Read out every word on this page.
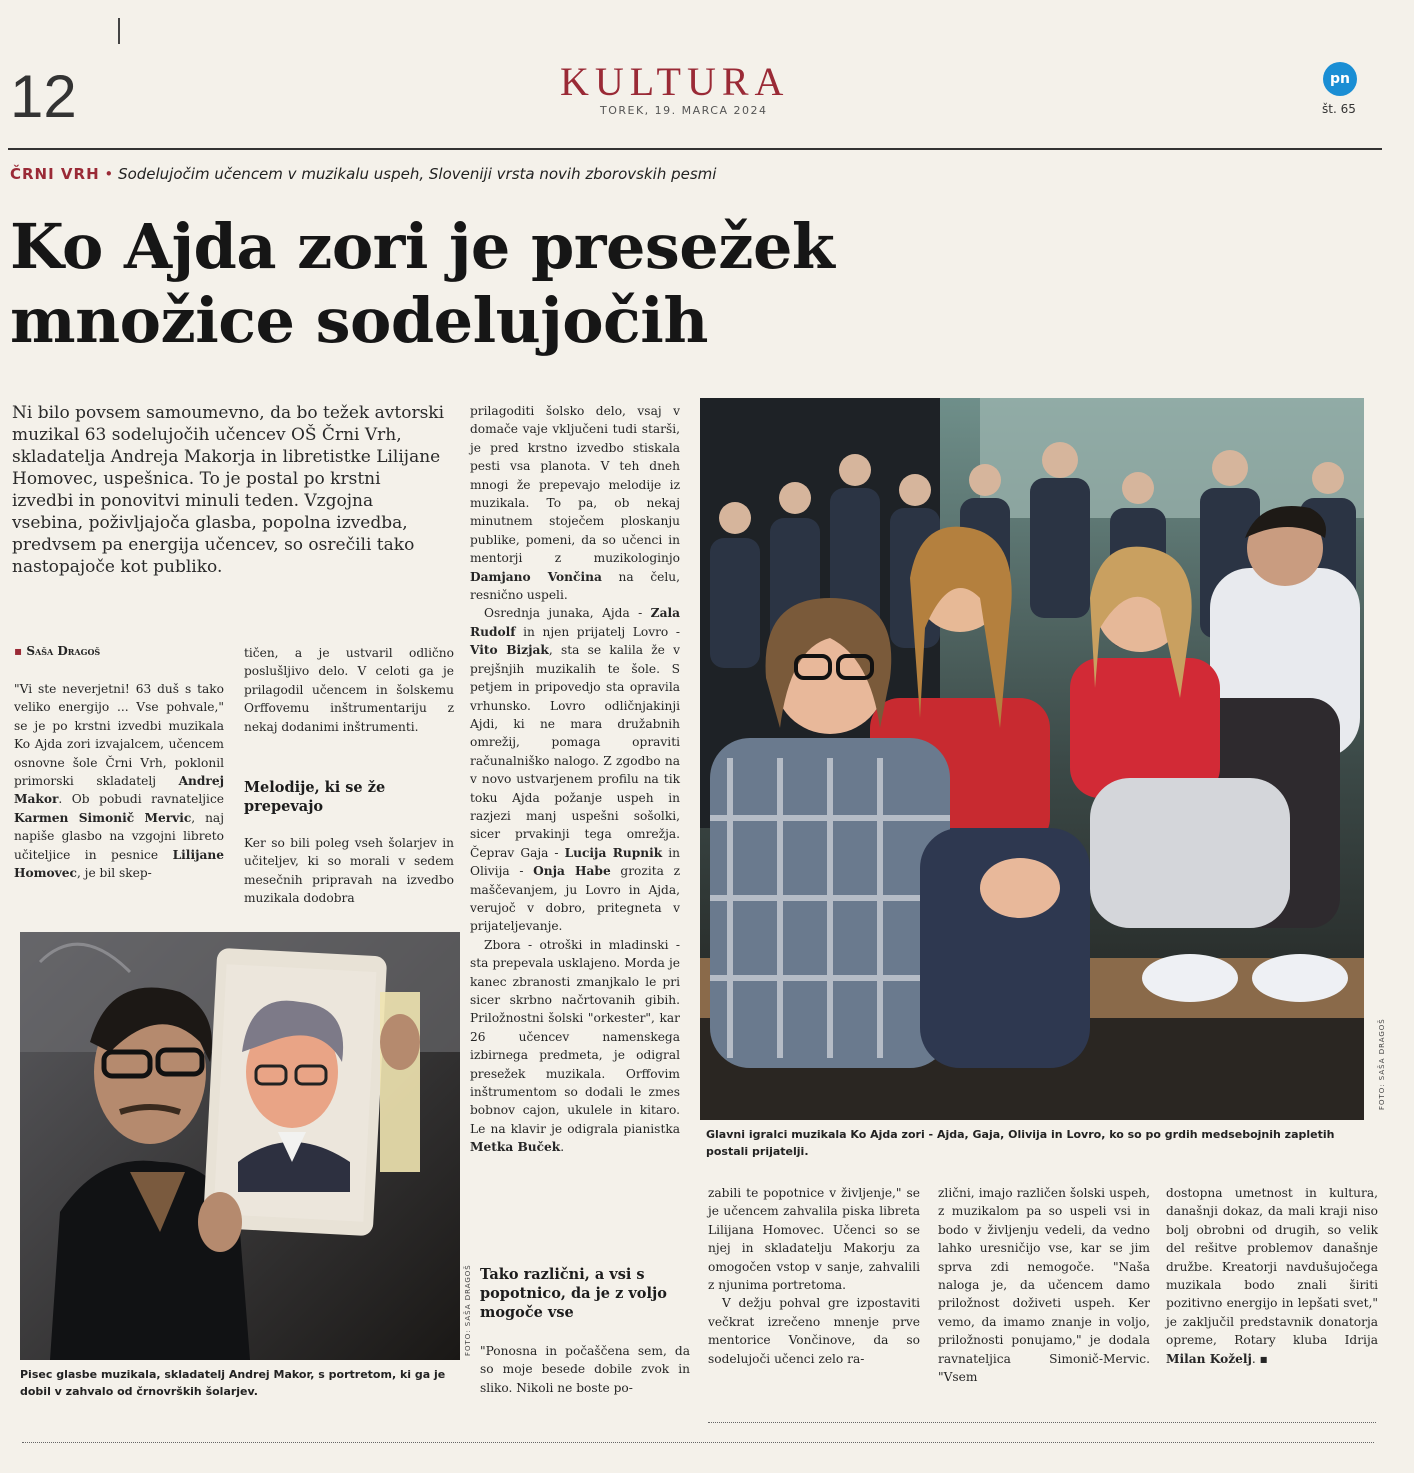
12	KULTURA
TOREK, 19. MARCA 2024
pn
št. 65
ČRNI VRH • Sodelujočim učencem v muzikalu uspeh, Sloveniji vrsta novih zborovskih pesmi
Ko Ajda zori je presežek množice sodelujočih
Ni bilo povsem samoumevno, da bo težek avtorski muzikal 63 sodelujočih učencev OŠ Črni Vrh, skladatelja Andreja Makorja in libretistke Lilijane Homovec, uspešnica. To je postal po krstni izvedbi in ponovitvi minuli teden. Vzgojna vsebina, poživljajoča glasba, popolna izvedba, predvsem pa energija učencev, so osrečili tako nastopajoče kot publiko.
▪ Saša Dragoš
"Vi ste neverjetni! 63 duš s tako veliko energijo ... Vse pohvale," se je po krstni izvedbi muzikala Ko Ajda zori izvajalcem, učencem osnovne šole Črni Vrh, poklonil primorski skladatelj Andrej Makor. Ob pobudi ravnateljice Karmen Simonič Mervic, naj napiše glasbo na vzgojni libreto učiteljice in pesnice Lilijane Homovec, je bil skep-
tičen, a je ustvaril odlično poslušljivo delo. V celoti ga je prilagodil učencem in šolskemu Orffovemu inštrumentariju z nekaj dodanimi inštrumenti.
Melodije, ki se že prepevajo
Ker so bili poleg vseh šolarjev in učiteljev, ki so morali v sedem mesečnih pripravah na izvedbo muzikala dodobra
FOTO: SAŠA DRAGOŠ
Pisec glasbe muzikala, skladatelj Andrej Makor, s portretom, ki ga je dobil v zahvalo od črnovrških šolarjev.
prilagoditi šolsko delo, vsaj v domače vaje vključeni tudi starši, je pred krstno izvedbo stiskala pesti vsa planota. V teh dneh mnogi že prepevajo melodije iz muzikala. To pa, ob nekaj minutnem stoječem ploskanju publike, pomeni, da so učenci in mentorji z muzikologinjo Damjano Vončina na čelu, resnično uspeli.
Osrednja junaka, Ajda - Zala Rudolf in njen prijatelj Lovro - Vito Bizjak, sta se kalila že v prejšnjih muzikalih te šole. S petjem in pripovedjo sta opravila vrhunsko. Lovro odličnjakinji Ajdi, ki ne mara družabnih omrežij, pomaga opraviti računalniško nalogo. Z zgodbo na v novo ustvarjenem profilu na tik toku Ajda požanje uspeh in razjezi manj uspešni sošolki, sicer prvakinji tega omrežja. Čeprav Gaja - Lucija Rupnik in Olivija - Onja Habe grozita z maščevanjem, ju Lovro in Ajda, verujoč v dobro, pritegneta v prijateljevanje.
Zbora - otroški in mladinski - sta prepevala usklajeno. Morda je kanec zbranosti zmanjkalo le pri sicer skrbno načrtovanih gibih. Priložnostni šolski "orkester", kar 26 učencev namenskega izbirnega predmeta, je odigral presežek muzikala. Orffovim inštrumentom so dodali le zmes bobnov cajon, ukulele in kitaro. Le na klavir je odigrala pianistka Metka Buček.
Tako različni, a vsi s popotnico, da je z voljo mogoče vse
"Ponosna in počaščena sem, da so moje besede dobile zvok in sliko. Nikoli ne boste po-
FOTO: SAŠA DRAGOŠ
Glavni igralci muzikala Ko Ajda zori - Ajda, Gaja, Olivija in Lovro, ko so po grdih medsebojnih zapletih postali prijatelji.
zabili te popotnice v življenje," se je učencem zahvalila piska libreta Lilijana Homovec. Učenci so se njej in skladatelju Makorju za omogočen vstop v sanje, zahvalili z njunima portretoma.
V dežju pohval gre izpostaviti večkrat izrečeno mnenje prve mentorice Vončinove, da so sodelujoči učenci zelo ra-
zlični, imajo različen šolski uspeh, z muzikalom pa so uspeli vsi in bodo v življenju vedeli, da vedno lahko uresničijo vse, kar se jim sprva zdi nemogoče. "Naša naloga je, da učencem damo priložnost doživeti uspeh. Ker vemo, da imamo znanje in voljo, priložnosti ponujamo," je dodala ravnateljica Simonič-Mervic. "Vsem
dostopna umetnost in kultura, današnji dokaz, da mali kraji niso bolj obrobni od drugih, so velik del rešitve problemov današnje družbe. Kreatorji navdušujočega muzikala bodo znali širiti pozitivno energijo in lepšati svet," je zaključil predstavnik donatorja opreme, Rotary kluba Idrija Milan Koželj. ▪
